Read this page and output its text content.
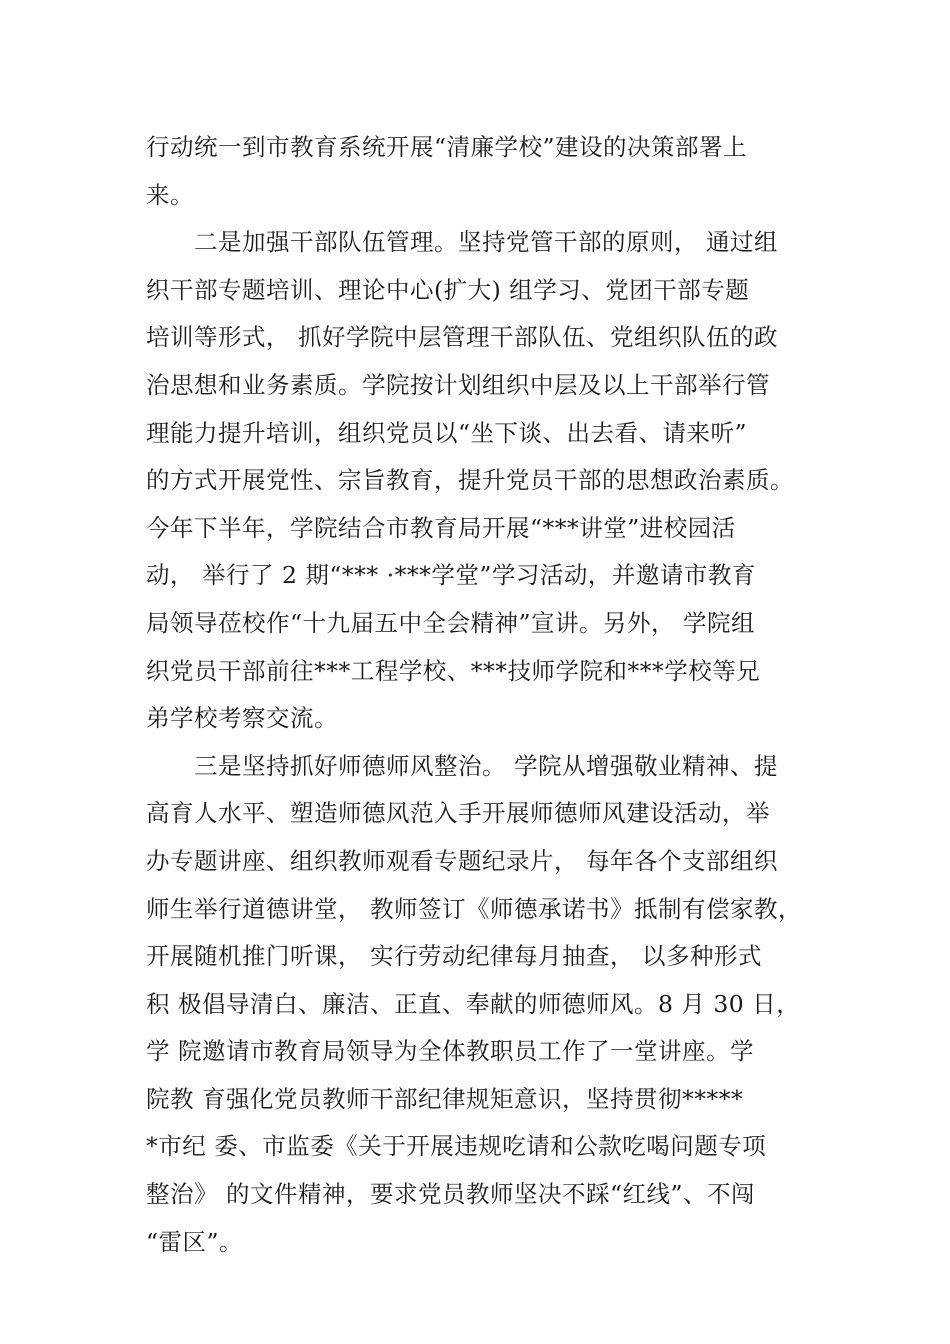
行动统一到市教育系统开展“清廉学校”建设的决策部署上
来。
二是加强干部队伍管理。坚持党管干部的原则， 通过组
织干部专题培训、理论中心(扩大) 组学习、党团干部专题
培训等形式， 抓好学院中层管理干部队伍、党组织队伍的政
治思想和业务素质。学院按计划组织中层及以上干部举行管
理能力提升培训，组织党员以“坐下谈、出去看、请来听”
的方式开展党性、宗旨教育，提升党员干部的思想政治素质。
今年下半年，学院结合市教育局开展“***讲堂”进校园活
动， 举行了 2 期“*** ·***学堂”学习活动，并邀请市教育
局领导莅校作“十九届五中全会精神”宣讲。另外， 学院组
织党员干部前往***工程学校、***技师学院和***学校等兄
弟学校考察交流。
三是坚持抓好师德师风整治。 学院从增强敬业精神、提
高育人水平、塑造师德风范入手开展师德师风建设活动，举
办专题讲座、组织教师观看专题纪录片， 每年各个支部组织
师生举行道德讲堂， 教师签订《师德承诺书》抵制有偿家教，
开展随机推门听课， 实行劳动纪律每月抽查， 以多种形式
积 极倡导清白、廉洁、正直、奉献的师德师风。8 月 30 日，
学 院邀请市教育局领导为全体教职员工作了一堂讲座。学
院教 育强化党员教师干部纪律规矩意识，坚持贯彻*****
*市纪 委、市监委《关于开展违规吃请和公款吃喝问题专项
整治》 的文件精神，要求党员教师坚决不踩“红线”、不闯
“雷区”。
